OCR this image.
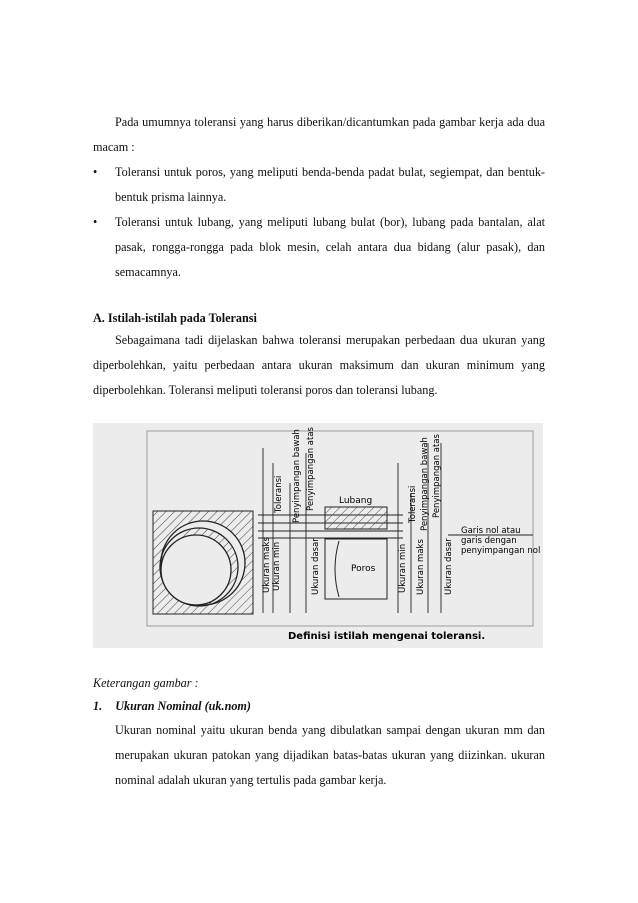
Pada umumnya toleransi yang harus diberikan/dicantumkan pada gambar kerja ada dua macam :
•	Toleransi untuk poros, yang meliputi benda-benda padat bulat, segiempat, dan bentuk-bentuk prisma lainnya.
•	Toleransi untuk lubang, yang meliputi lubang bulat (bor), lubang pada bantalan, alat pasak, rongga-rongga pada blok mesin, celah antara dua bidang (alur pasak), dan semacamnya.
A. Istilah-istilah pada Toleransi
Sebagaimana tadi dijelaskan bahwa toleransi merupakan perbedaan dua ukuran yang diperbolehkan, yaitu perbedaan antara ukuran maksimum dan ukuran minimum yang diperbolehkan. Toleransi meliputi toleransi poros dan toleransi lubang.
Toleransi Penyimpangan bawah Penyimpangan atas
Ukuran maks Ukuran min	Ukuran dasar
Lubang
Poros
Toleransi Penyimpangan bawah Penyimpangan atas
Ukuran min Ukuran maks Ukuran dasar
Garis nol atau
garis dengan
penyimpangan nol
Definisi istilah mengenai toleransi.
Keterangan gambar :
1. Ukuran Nominal (uk.nom)
Ukuran nominal yaitu ukuran benda yang dibulatkan sampai dengan ukuran mm dan merupakan ukuran patokan yang dijadikan batas-batas ukuran yang diizinkan. ukuran nominal adalah ukuran yang tertulis pada gambar kerja.
